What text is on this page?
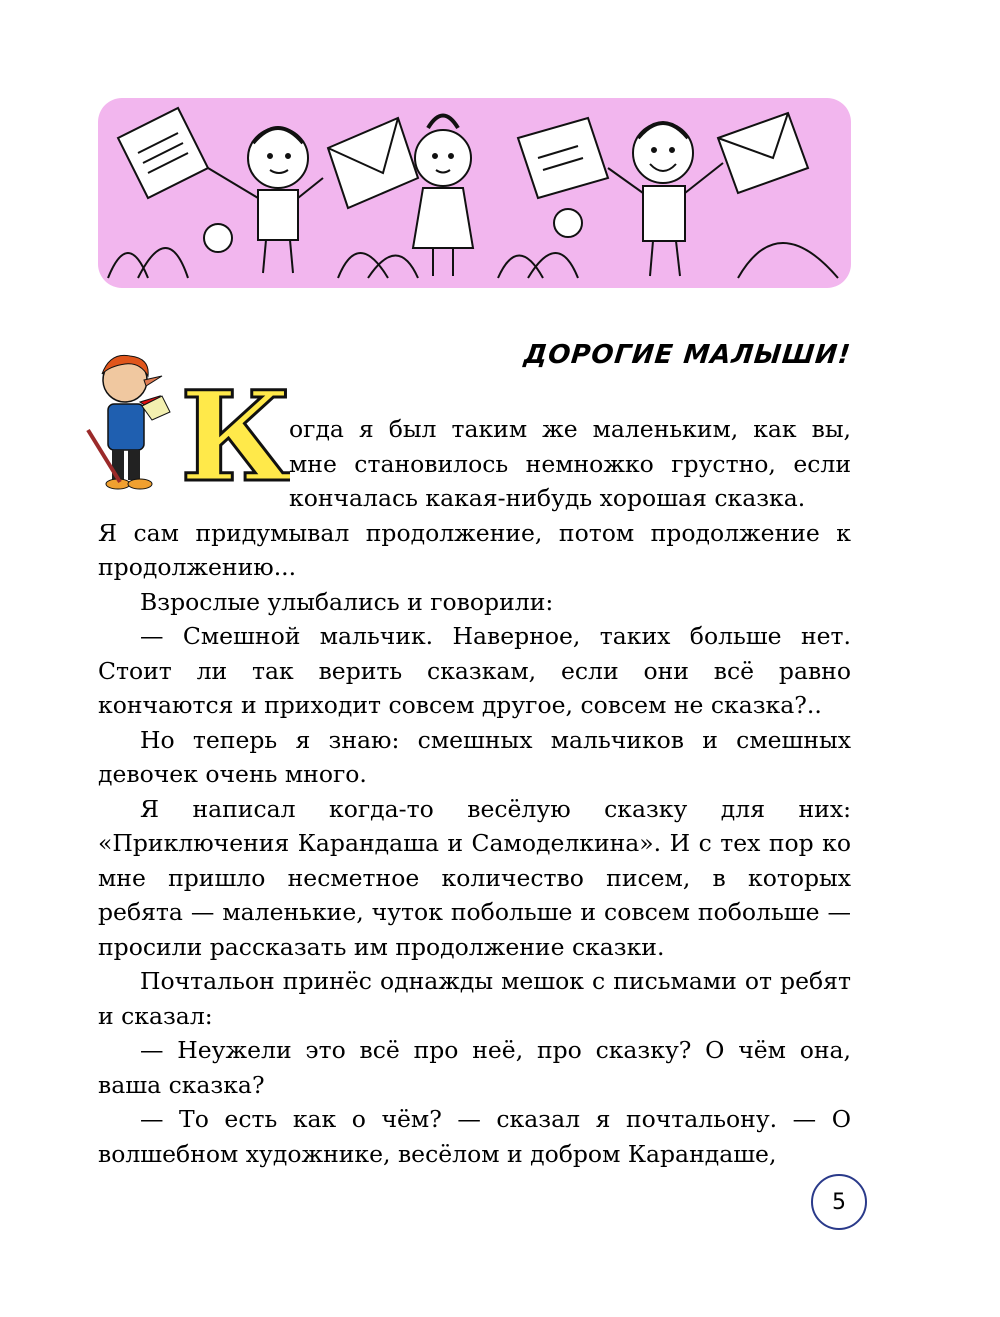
ДОРОГИЕ МАЛЫШИ!
К

огда я был таким же маленьким, как вы, мне становилось немножко грустно, если кончалась какая-нибудь хорошая сказка.

Я сам придумывал продолжение, потом продолжение к продолжению...

Взрослые улыбались и говорили:

— Смешной мальчик. Наверное, таких больше нет. Стоит ли так верить сказкам, если они всё равно кончаются и приходит совсем другое, совсем не сказка?..

Но теперь я знаю: смешных мальчиков и смешных девочек очень много.

Я написал когда-то весёлую сказку для них: «Приключения Карандаша и Самоделкина». И с тех пор ко мне пришло несметное количество писем, в которых ребята — маленькие, чуток побольше и совсем побольше — просили рассказать им продолжение сказки.

Почтальон принёс однажды мешок с письмами от ребят и сказал:

— Неужели это всё про неё, про сказку? О чём она, ваша сказка?

— То есть как о чём? — сказал я почтальону. — О волшебном художнике, весёлом и добром Карандаше,

5
